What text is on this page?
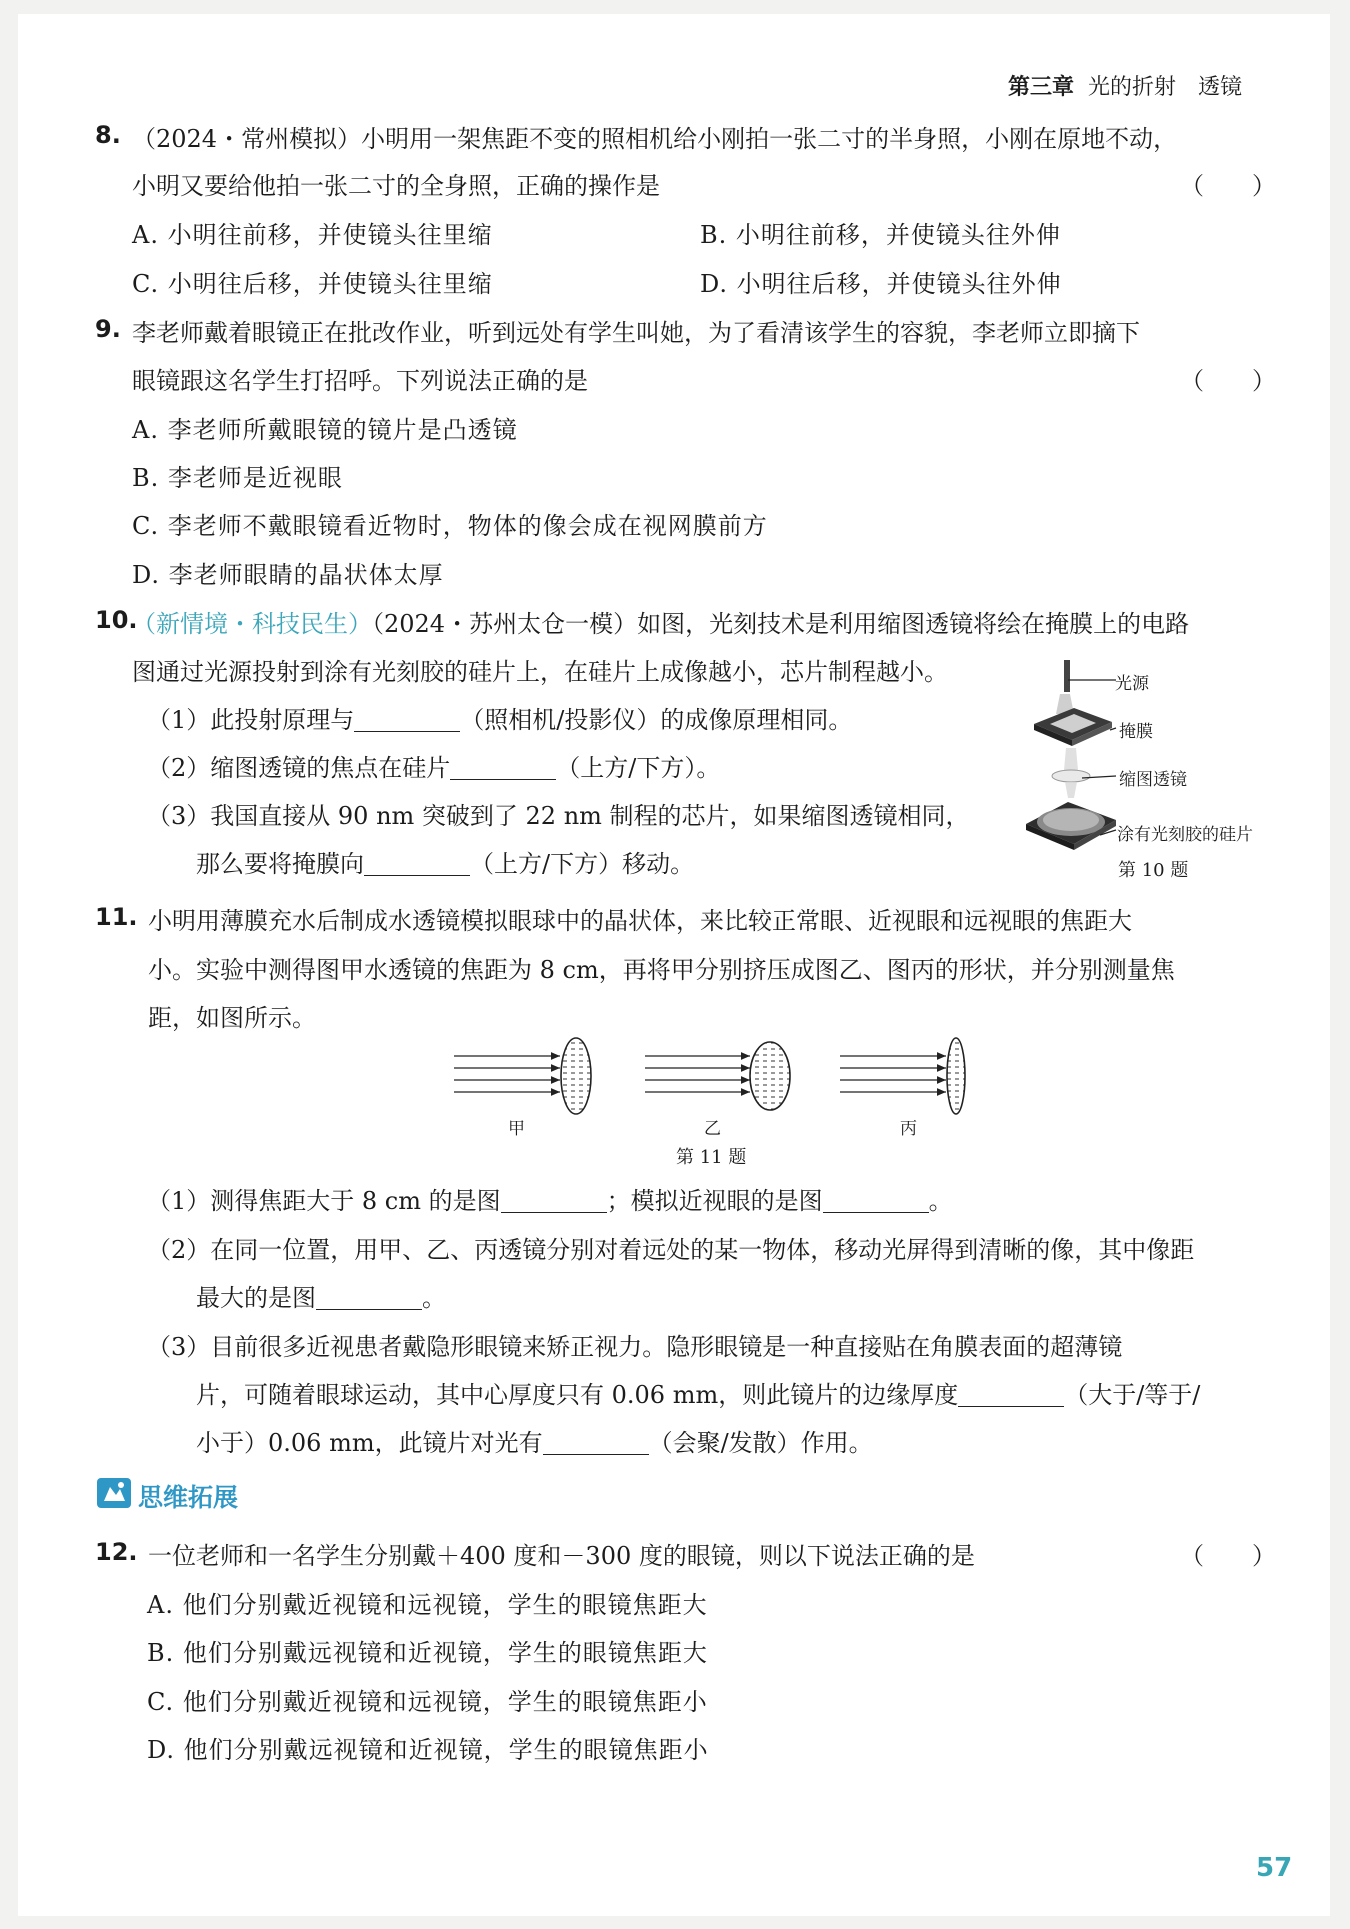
第三章 光的折射　透镜
8. （2024・常州模拟）小明用一架焦距不变的照相机给小刚拍一张二寸的半身照，小刚在原地不动，
小明又要给他拍一张二寸的全身照，正确的操作是	（　　）
A. 小明往前移，并使镜头往里缩	B. 小明往前移，并使镜头往外伸
C. 小明往后移，并使镜头往里缩	D. 小明往后移，并使镜头往外伸
9. 李老师戴着眼镜正在批改作业，听到远处有学生叫她，为了看清该学生的容貌，李老师立即摘下
眼镜跟这名学生打招呼。下列说法正确的是	（　　）
A. 李老师所戴眼镜的镜片是凸透镜
B. 李老师是近视眼
C. 李老师不戴眼镜看近物时，物体的像会成在视网膜前方
D. 李老师眼睛的晶状体太厚
10.
（新情境・科技民生）（2024・苏州太仓一模）如图，光刻技术是利用缩图透镜将绘在掩膜上的电路
图通过光源投射到涂有光刻胶的硅片上，在硅片上成像越小，芯片制程越小。
（1）此投射原理与	（照相机/投影仪）的成像原理相同。
（2）缩图透镜的焦点在硅片	（上方/下方）。
（3）我国直接从 90 nm 突破到了 22 nm 制程的芯片，如果缩图透镜相同，
那么要将掩膜向	（上方/下方）移动。
光源
掩膜
缩图透镜
涂有光刻胶的硅片
第 10 题
11. 小明用薄膜充水后制成水透镜模拟眼球中的晶状体，来比较正常眼、近视眼和远视眼的焦距大
小。实验中测得图甲水透镜的焦距为 8 cm，再将甲分别挤压成图乙、图丙的形状，并分别测量焦
距，如图所示。
甲	乙	丙
第 11 题
（1）测得焦距大于 8 cm 的是图	；模拟近视眼的是图	。
（2）在同一位置，用甲、乙、丙透镜分别对着远处的某一物体，移动光屏得到清晰的像，其中像距
最大的是图	。
（3）目前很多近视患者戴隐形眼镜来矫正视力。隐形眼镜是一种直接贴在角膜表面的超薄镜
片，可随着眼球运动，其中心厚度只有 0.06 mm，则此镜片的边缘厚度	（大于/等于/
小于）0.06 mm，此镜片对光有	（会聚/发散）作用。
思维拓展
12. 一位老师和一名学生分别戴＋400 度和－300 度的眼镜，则以下说法正确的是	（　　）
A. 他们分别戴近视镜和远视镜，学生的眼镜焦距大
B. 他们分别戴远视镜和近视镜，学生的眼镜焦距大
C. 他们分别戴近视镜和远视镜，学生的眼镜焦距小
D. 他们分别戴远视镜和近视镜，学生的眼镜焦距小
57
